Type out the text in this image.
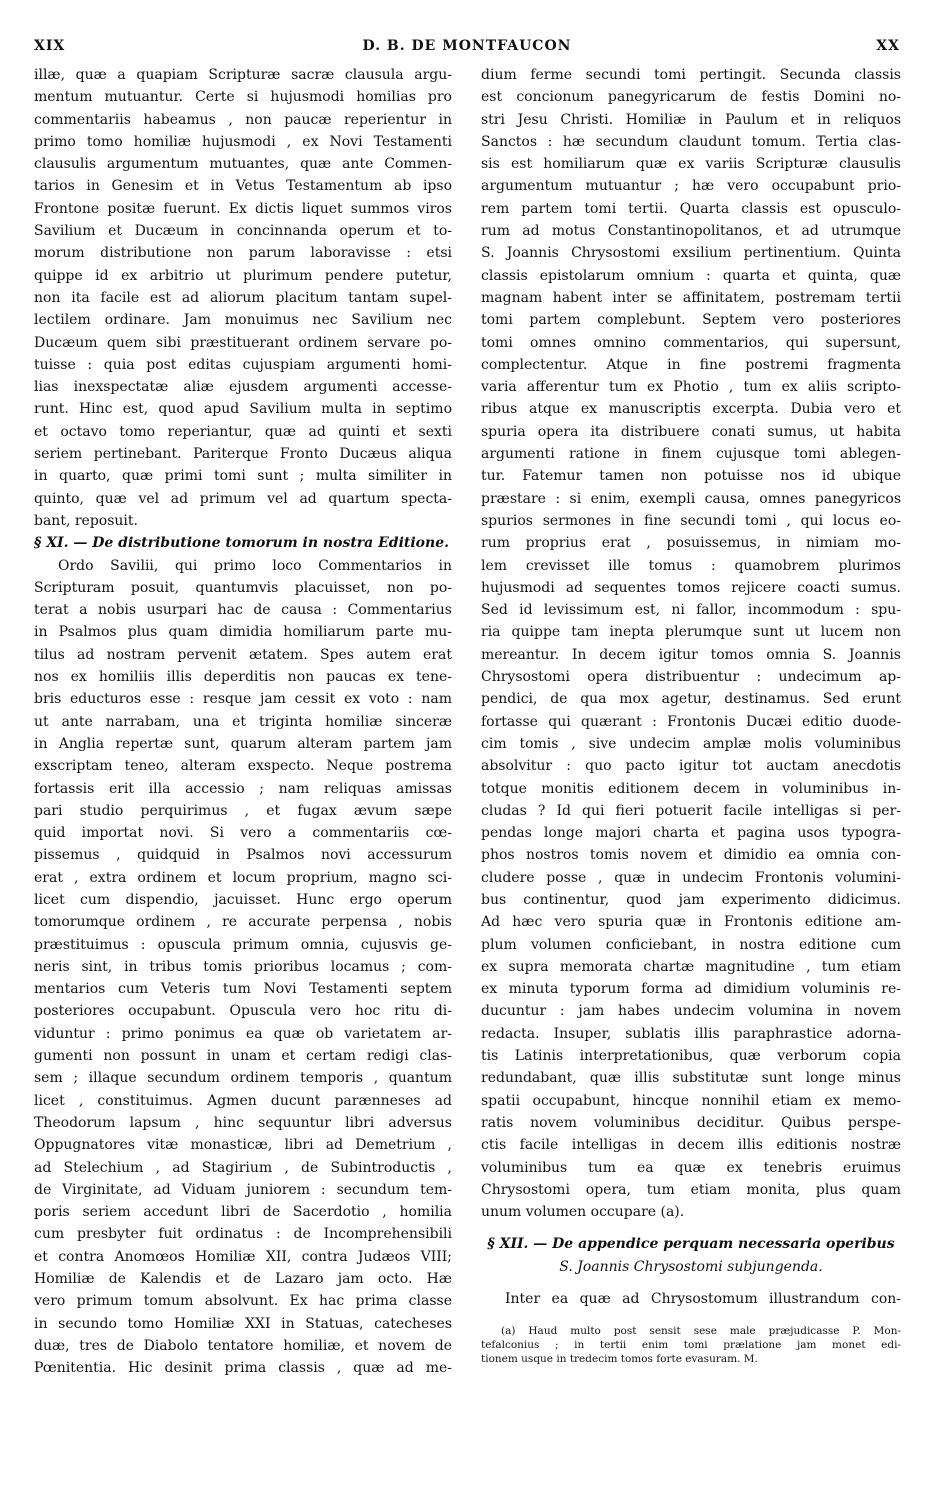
XIX	D. B. DE MONTFAUCON	XX
illæ, quæ a quapiam Scripturæ sacræ clausula argu-
mentum mutuantur. Certe si hujusmodi homilias pro
commentariis habeamus , non paucæ reperientur in
primo tomo homiliæ hujusmodi , ex Novi Testamenti
clausulis argumentum mutuantes, quæ ante Commen-
tarios in Genesim et in Vetus Testamentum ab ipso
Frontone positæ fuerunt. Ex dictis liquet summos viros
Savilium et Ducæum in concinnanda operum et to-
morum distributione non parum laboravisse : etsi
quippe id ex arbitrio ut plurimum pendere putetur,
non ita facile est ad aliorum placitum tantam supel-
lectilem ordinare. Jam monuimus nec Savilium nec
Ducæum quem sibi præstituerant ordinem servare po-
tuisse : quia post editas cujuspiam argumenti homi-
lias inexspectatæ aliæ ejusdem argumenti accesse-
runt. Hinc est, quod apud Savilium multa in septimo
et octavo tomo reperiantur, quæ ad quinti et sexti
seriem pertinebant. Pariterque Fronto Ducæus aliqua
in quarto, quæ primi tomi sunt ; multa similiter in
quinto, quæ vel ad primum vel ad quartum specta-
bant, reposuit.
§ XI. — De distributione tomorum in nostra Editione.
Ordo Savilii, qui primo loco Commentarios in
Scripturam posuit, quantumvis placuisset, non po-
terat a nobis usurpari hac de causa : Commentarius
in Psalmos plus quam dimidia homiliarum parte mu-
tilus ad nostram pervenit ætatem. Spes autem erat
nos ex homiliis illis deperditis non paucas ex tene-
bris educturos esse : resque jam cessit ex voto : nam
ut ante narrabam, una et triginta homiliæ sinceræ
in Anglia repertæ sunt, quarum alteram partem jam
exscriptam teneo, alteram exspecto. Neque postrema
fortassis erit illa accessio ; nam reliquas amissas
pari studio perquirimus , et fugax ævum sæpe
quid importat novi. Si vero a commentariis cœ-
pissemus , quidquid in Psalmos novi accessurum
erat , extra ordinem et locum proprium, magno sci-
licet cum dispendio, jacuisset. Hunc ergo operum
tomorumque ordinem , re accurate perpensa , nobis
præstituimus : opuscula primum omnia, cujusvis ge-
neris sint, in tribus tomis prioribus locamus ; com-
mentarios cum Veteris tum Novi Testamenti septem
posteriores occupabunt. Opuscula vero hoc ritu di-
viduntur : primo ponimus ea quæ ob varietatem ar-
gumenti non possunt in unam et certam redigi clas-
sem ; illaque secundum ordinem temporis , quantum
licet , constituimus. Agmen ducunt parænneses ad
Theodorum lapsum , hinc sequuntur libri adversus
Oppugnatores vitæ monasticæ, libri ad Demetrium ,
ad Stelechium , ad Stagirium , de Subintroductis ,
de Virginitate, ad Viduam juniorem : secundum tem-
poris seriem accedunt libri de Sacerdotio , homilia
cum presbyter fuit ordinatus : de Incomprehensibili
et contra Anomœos Homiliæ XII, contra Judæos VIII;
Homiliæ de Kalendis et de Lazaro jam octo. Hæ
vero primum tomum absolvunt. Ex hac prima classe
in secundo tomo Homiliæ XXI in Statuas, catecheses
duæ, tres de Diabolo tentatore homiliæ, et novem de
Pœnitentia. Hic desinit prima classis , quæ ad me-
dium ferme secundi tomi pertingit. Secunda classis
est concionum panegyricarum de festis Domini no-
stri Jesu Christi. Homiliæ in Paulum et in reliquos
Sanctos : hæ secundum claudunt tomum. Tertia clas-
sis est homiliarum quæ ex variis Scripturæ clausulis
argumentum mutuantur ; hæ vero occupabunt prio-
rem partem tomi tertii. Quarta classis est opusculo-
rum ad motus Constantinopolitanos, et ad utrumque
S. Joannis Chrysostomi exsilium pertinentium. Quinta
classis epistolarum omnium : quarta et quinta, quæ
magnam habent inter se affinitatem, postremam tertii
tomi partem complebunt. Septem vero posteriores
tomi omnes omnino commentarios, qui supersunt,
complectentur. Atque in fine postremi fragmenta
varia afferentur tum ex Photio , tum ex aliis scripto-
ribus atque ex manuscriptis excerpta. Dubia vero et
spuria opera ita distribuere conati sumus, ut habita
argumenti ratione in finem cujusque tomi ablegen-
tur. Fatemur tamen non potuisse nos id ubique
præstare : si enim, exempli causa, omnes panegyricos
spurios sermones in fine secundi tomi , qui locus eo-
rum proprius erat , posuissemus, in nimiam mo-
lem crevisset ille tomus : quamobrem plurimos
hujusmodi ad sequentes tomos rejicere coacti sumus.
Sed id levissimum est, ni fallor, incommodum : spu-
ria quippe tam inepta plerumque sunt ut lucem non
mereantur. In decem igitur tomos omnia S. Joannis
Chrysostomi opera distribuentur : undecimum ap-
pendici, de qua mox agetur, destinamus. Sed erunt
fortasse qui quærant : Frontonis Ducæi editio duode-
cim tomis , sive undecim amplæ molis voluminibus
absolvitur : quo pacto igitur tot auctam anecdotis
totque monitis editionem decem in voluminibus in-
cludas ? Id qui fieri potuerit facile intelligas si per-
pendas longe majori charta et pagina usos typogra-
phos nostros tomis novem et dimidio ea omnia con-
cludere posse , quæ in undecim Frontonis volumini-
bus continentur, quod jam experimento didicimus.
Ad hæc vero spuria quæ in Frontonis editione am-
plum volumen conficiebant, in nostra editione cum
ex supra memorata chartæ magnitudine , tum etiam
ex minuta typorum forma ad dimidium voluminis re-
ducuntur : jam habes undecim volumina in novem
redacta. Insuper, sublatis illis paraphrastice adorna-
tis Latinis interpretationibus, quæ verborum copia
redundabant, quæ illis substitutæ sunt longe minus
spatii occupabunt, hincque nonnihil etiam ex memo-
ratis novem voluminibus deciditur. Quibus perspe-
ctis facile intelligas in decem illis editionis nostræ
voluminibus tum ea quæ ex tenebris eruimus
Chrysostomi opera, tum etiam monita, plus quam
unum volumen occupare (a).
§ XII. — De appendice perquam necessaria operibus
S. Joannis Chrysostomi subjungenda.
Inter ea quæ ad Chrysostomum illustrandum con-
(a) Haud multo post sensit sese male præjudicasse P. Mon-
tefalconius ; in tertii enim tomi prælatione jam monet edi-
tionem usque in tredecim tomos forte evasuram. M.
